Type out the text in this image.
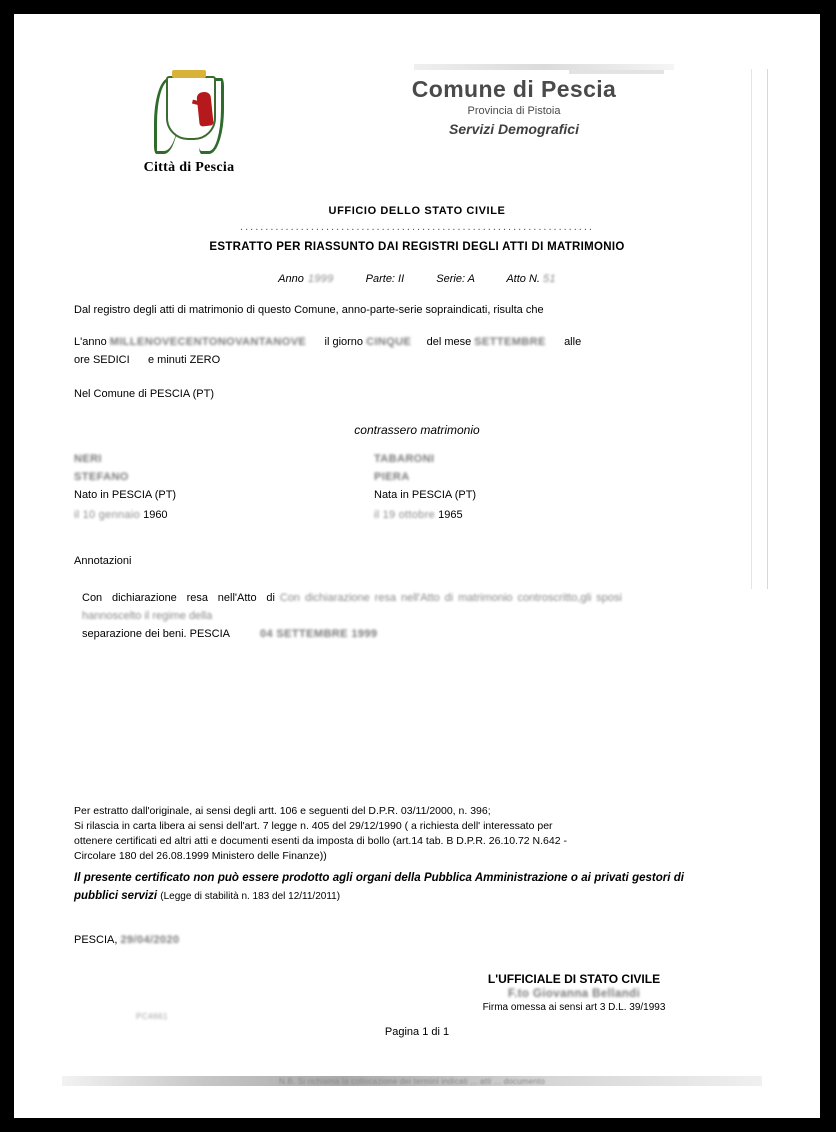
Città di Pescia
Comune di Pescia
Provincia di Pistoia
Servizi Demografici
UFFICIO DELLO STATO CIVILE
......................................................................
ESTRATTO PER RIASSUNTO DAI REGISTRI DEGLI ATTI DI MATRIMONIO
Anno 1999	Parte: II	Serie: A	Atto N. 51
Dal registro degli atti di matrimonio di questo Comune, anno-parte-serie sopraindicati, risulta che
L'anno MILLENOVECENTONOVANTANOVE il giorno CINQUE del mese SETTEMBRE alle
ore SEDICI e minuti ZERO
Nel Comune di PESCIA (PT)
contrassero matrimonio
NERI
STEFANO
Nato in PESCIA (PT)
il 10 gennaio 1960
TABARONI
PIERA
Nata in PESCIA (PT)
il 19 ottobre 1965
Annotazioni
Con  dichiarazione  resa  nell'Atto  di Con dichiarazione resa nell'Atto di matrimonio controscritto,gli sposi hannoscelto il regime della
separazione dei beni. PESCIA	04 SETTEMBRE 1999
Per estratto dall'originale, ai sensi degli artt. 106 e seguenti del D.P.R. 03/11/2000, n. 396;
Si rilascia in carta libera ai sensi dell'art. 7 legge n. 405 del 29/12/1990 ( a richiesta dell' interessato per
ottenere certificati ed altri atti e documenti esenti da imposta di bollo (art.14 tab. B D.P.R. 26.10.72 N.642 -
Circolare 180 del 26.08.1999 Ministero delle Finanze))
Il presente certificato non può essere prodotto agli organi della Pubblica Amministrazione o ai privati gestori di pubblici servizi (Legge di stabilità n. 183 del 12/11/2011)
PESCIA, 29/04/2020
L'UFFICIALE DI STATO CIVILE
F.to Giovanna Bellandi
Firma omessa ai sensi art 3 D.L. 39/1993
PC4661
Pagina 1 di 1
N.B. Si richiama la collocazione dei termini indicati ... atti ... documento
